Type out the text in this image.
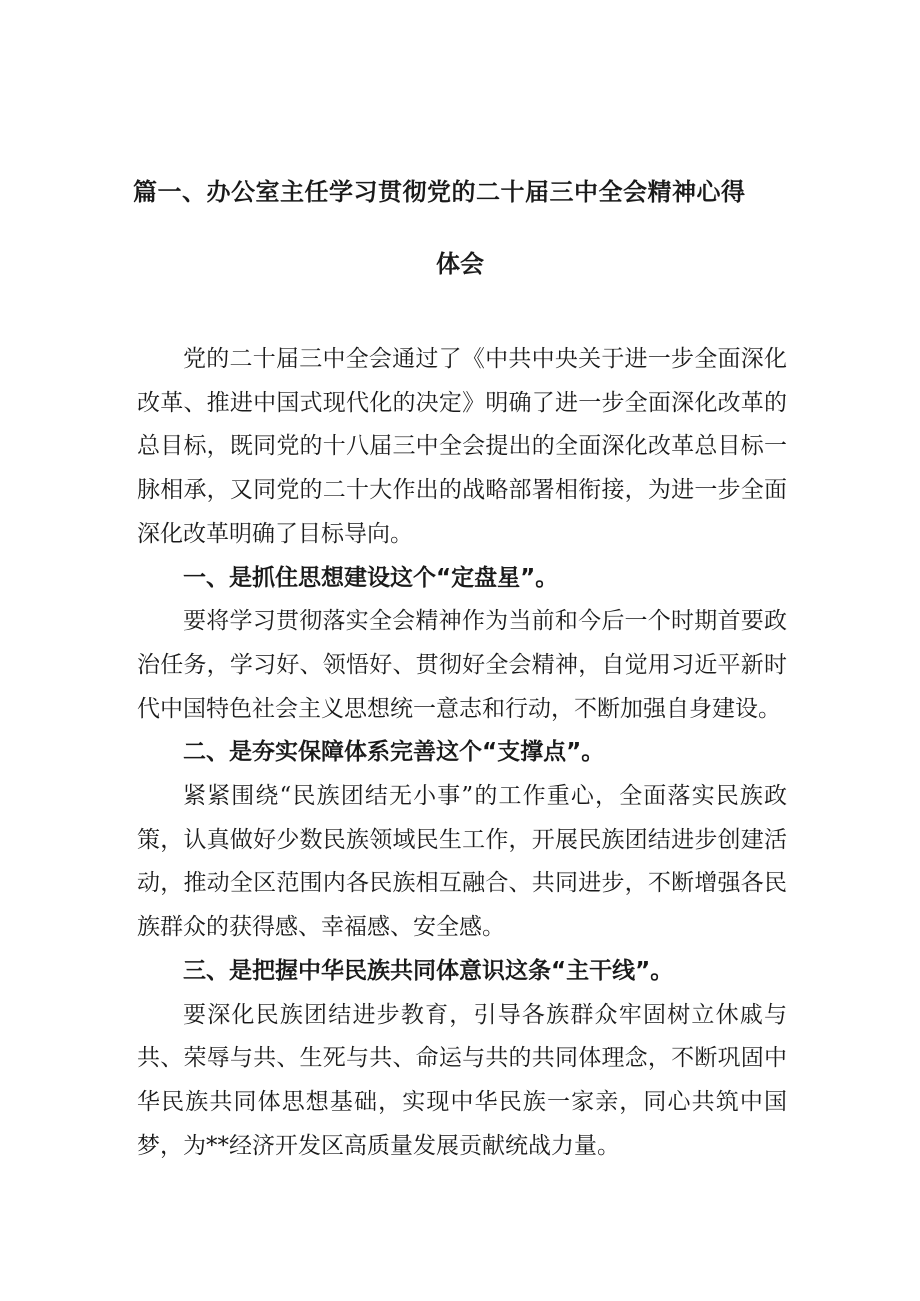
篇一、办公室主任学习贯彻党的二十届三中全会精神心得
体会

党的二十届三中全会通过了《中共中央关于进一步全面深化改革、推进中国式现代化的决定》明确了进一步全面深化改革的总目标，既同党的十八届三中全会提出的全面深化改革总目标一脉相承，又同党的二十大作出的战略部署相衔接，为进一步全面深化改革明确了目标导向。

一、是抓住思想建设这个“定盘星”。

要将学习贯彻落实全会精神作为当前和今后一个时期首要政治任务，学习好、领悟好、贯彻好全会精神，自觉用习近平新时代中国特色社会主义思想统一意志和行动，不断加强自身建设。

二、是夯实保障体系完善这个“支撑点”。

紧紧围绕“民族团结无小事”的工作重心，全面落实民族政策，认真做好少数民族领域民生工作，开展民族团结进步创建活动，推动全区范围内各民族相互融合、共同进步，不断增强各民族群众的获得感、幸福感、安全感。

三、是把握中华民族共同体意识这条“主干线”。

要深化民族团结进步教育，引导各族群众牢固树立休戚与共、荣辱与共、生死与共、命运与共的共同体理念，不断巩固中华民族共同体思想基础，实现中华民族一家亲，同心共筑中国梦，为**经济开发区高质量发展贡献统战力量。
